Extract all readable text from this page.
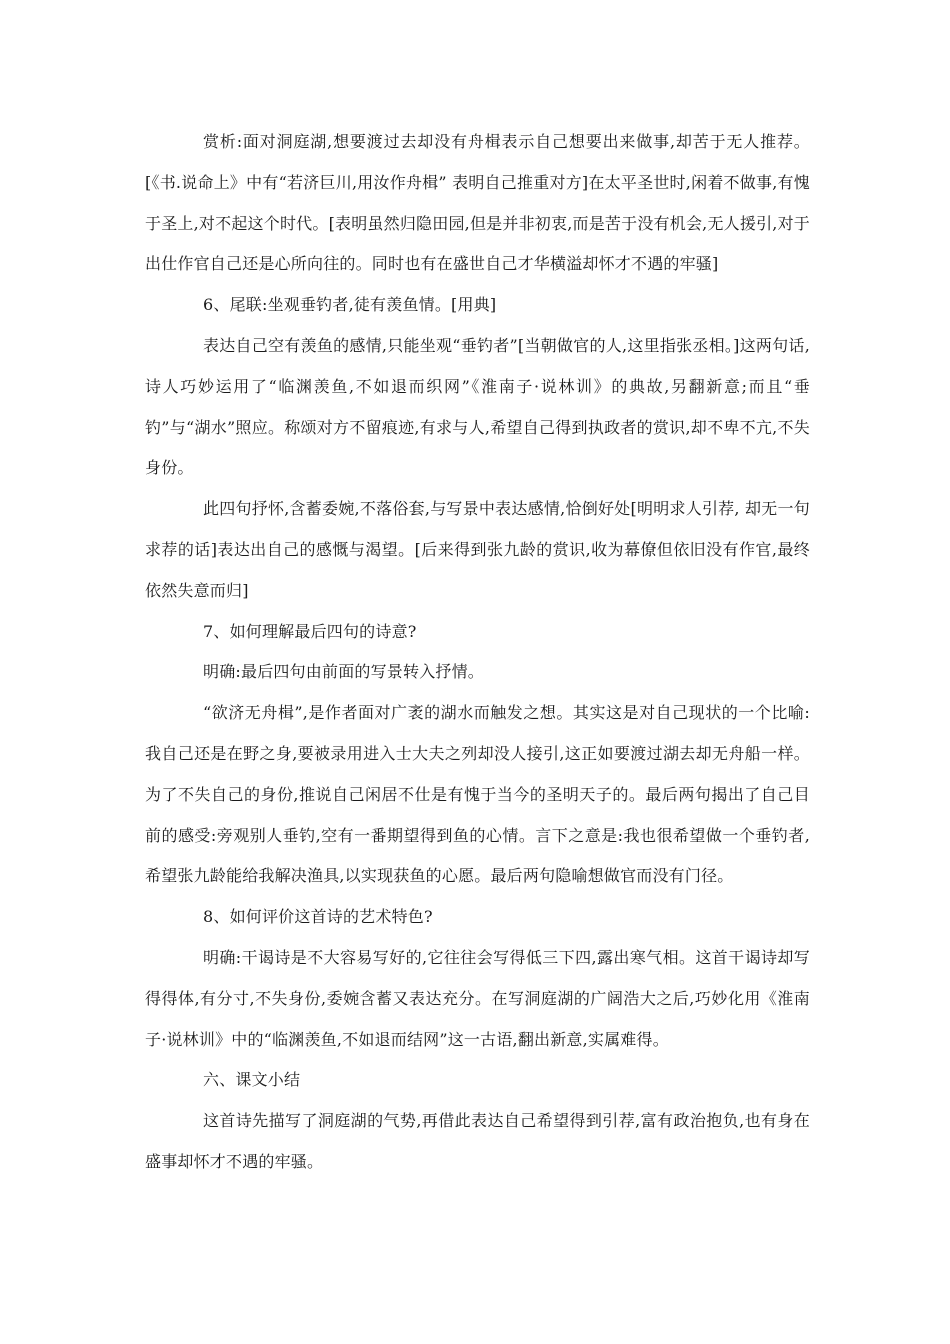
赏析:面对洞庭湖,想要渡过去却没有舟楫表示自己想要出来做事,却苦于无人推荐。[《书.说命上》中有“若济巨川,用汝作舟楫” 表明自己推重对方]在太平圣世时,闲着不做事,有愧于圣上,对不起这个时代。[表明虽然归隐田园,但是并非初衷,而是苦于没有机会,无人援引,对于出仕作官自己还是心所向往的。同时也有在盛世自己才华横溢却怀才不遇的牢骚]

6、尾联:坐观垂钓者,徒有羡鱼情。[用典]

表达自己空有羡鱼的感情,只能坐观“垂钓者”[当朝做官的人,这里指张丞相。]这两句话,诗人巧妙运用了“临渊羡鱼,不如退而织网”《淮南子·说林训》的典故,另翻新意;而且“垂钓”与“湖水”照应。称颂对方不留痕迹,有求与人,希望自己得到执政者的赏识,却不卑不亢,不失身份。

此四句抒怀,含蓄委婉,不落俗套,与写景中表达感情,恰倒好处[明明求人引荐, 却无一句求荐的话]表达出自己的感慨与渴望。[后来得到张九龄的赏识,收为幕僚但依旧没有作官,最终依然失意而归]

7、如何理解最后四句的诗意?

明确:最后四句由前面的写景转入抒情。

“欲济无舟楫”,是作者面对广袤的湖水而触发之想。其实这是对自己现状的一个比喻:我自己还是在野之身,要被录用进入士大夫之列却没人接引,这正如要渡过湖去却无舟船一样。为了不失自己的身份,推说自己闲居不仕是有愧于当今的圣明天子的。最后两句揭出了自己目前的感受:旁观别人垂钓,空有一番期望得到鱼的心情。言下之意是:我也很希望做一个垂钓者,希望张九龄能给我解决渔具,以实现获鱼的心愿。最后两句隐喻想做官而没有门径。

8、如何评价这首诗的艺术特色?

明确:干谒诗是不大容易写好的,它往往会写得低三下四,露出寒气相。这首干谒诗却写得得体,有分寸,不失身份,委婉含蓄又表达充分。在写洞庭湖的广阔浩大之后,巧妙化用《淮南子·说林训》中的“临渊羡鱼,不如退而结网”这一古语,翻出新意,实属难得。

六、课文小结

这首诗先描写了洞庭湖的气势,再借此表达自己希望得到引荐,富有政治抱负,也有身在盛事却怀才不遇的牢骚。
